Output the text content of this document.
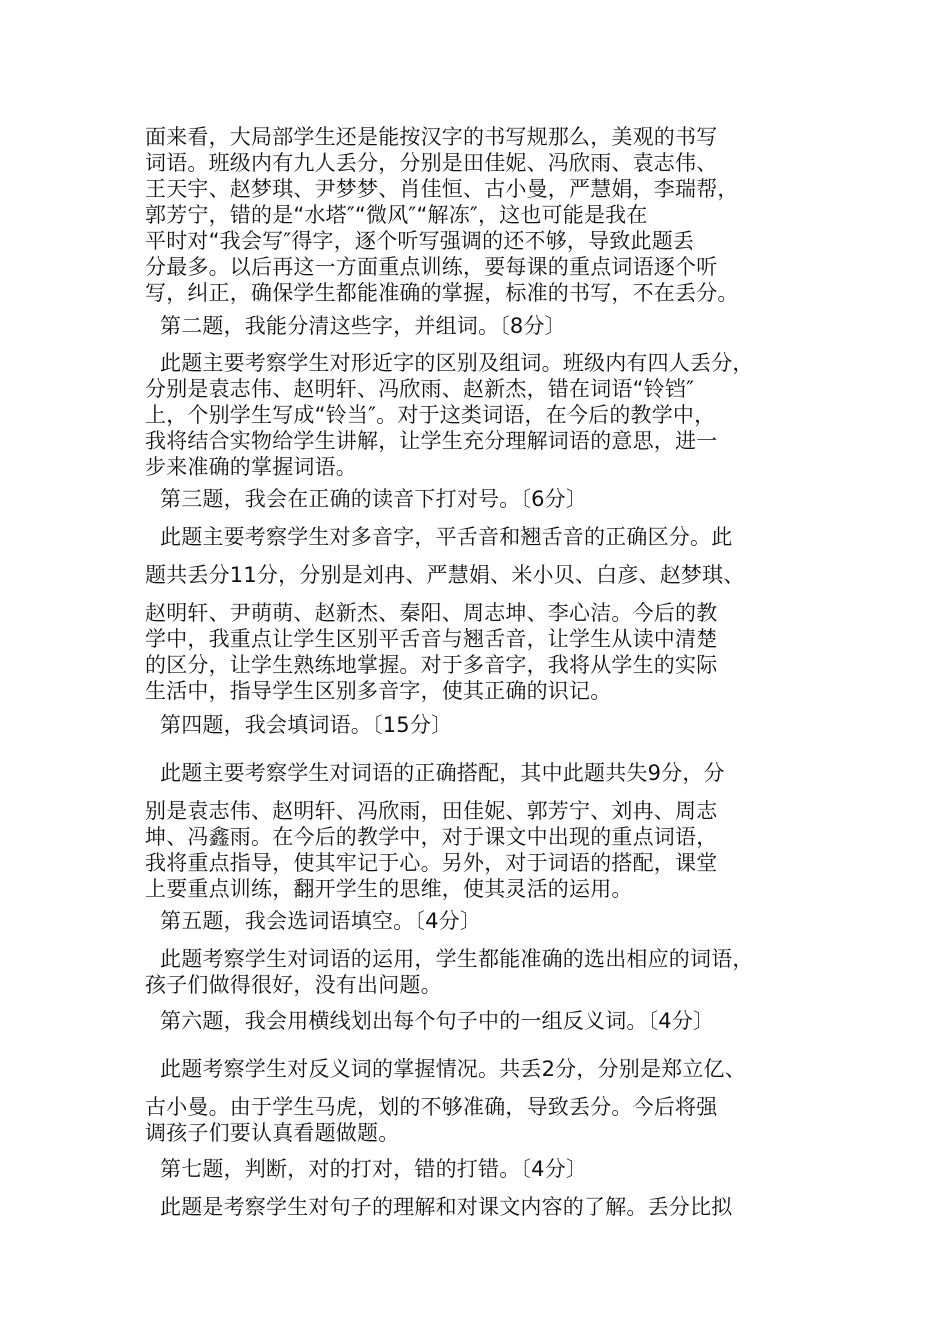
面来看，大局部学生还是能按汉字的书写规那么，美观的书写
词语。班级内有九人丢分，分别是田佳妮、冯欣雨、袁志伟、
王天宇、赵梦琪、尹梦梦、肖佳恒、古小曼，严慧娟，李瑞帮，
郭芳宁，错的是“水塔″“微风″“解冻″，这也可能是我在
平时对“我会写″得字，逐个听写强调的还不够，导致此题丢
分最多。以后再这一方面重点训练，要每课的重点词语逐个听
写，纠正，确保学生都能准确的掌握，标准的书写，不在丢分。
第二题，我能分清这些字，并组词。〔8分〕
此题主要考察学生对形近字的区别及组词。班级内有四人丢分，
分别是袁志伟、赵明轩、冯欣雨、赵新杰，错在词语“铃铛″
上，个别学生写成“铃当″。对于这类词语，在今后的教学中，
我将结合实物给学生讲解，让学生充分理解词语的意思，进一
步来准确的掌握词语。
第三题，我会在正确的读音下打对号。〔6分〕
此题主要考察学生对多音字，平舌音和翘舌音的正确区分。此
题共丢分11分，分别是刘冉、严慧娟、米小贝、白彦、赵梦琪、
赵明轩、尹萌萌、赵新杰、秦阳、周志坤、李心洁。今后的教
学中，我重点让学生区别平舌音与翘舌音，让学生从读中清楚
的区分，让学生熟练地掌握。对于多音字，我将从学生的实际
生活中，指导学生区别多音字，使其正确的识记。
第四题，我会填词语。〔15分〕
此题主要考察学生对词语的正确搭配，其中此题共失9分，分
别是袁志伟、赵明轩、冯欣雨，田佳妮、郭芳宁、刘冉、周志
坤、冯鑫雨。在今后的教学中，对于课文中出现的重点词语，
我将重点指导，使其牢记于心。另外，对于词语的搭配，课堂
上要重点训练，翻开学生的思维，使其灵活的运用。
第五题，我会选词语填空。〔4分〕
此题考察学生对词语的运用，学生都能准确的选出相应的词语，
孩子们做得很好，没有出问题。
第六题，我会用横线划出每个句子中的一组反义词。〔4分〕
此题考察学生对反义词的掌握情况。共丢2分，分别是郑立亿、
古小曼。由于学生马虎，划的不够准确，导致丢分。今后将强
调孩子们要认真看题做题。
第七题，判断，对的打对，错的打错。〔4分〕
此题是考察学生对句子的理解和对课文内容的了解。丢分比拟
